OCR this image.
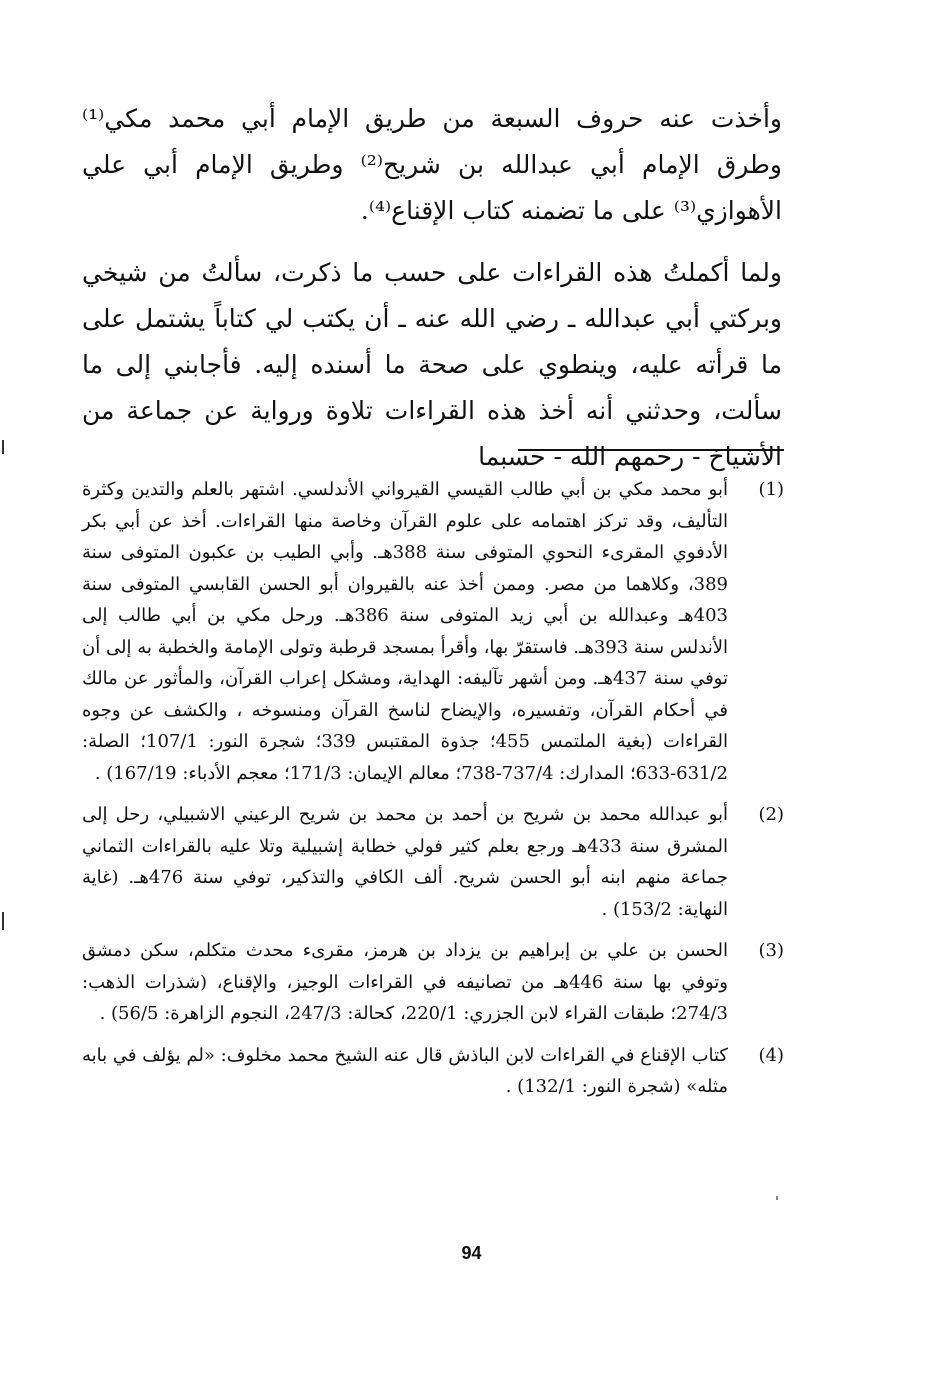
وأخذت عنه حروف السبعة من طريق الإمام أبي محمد مكي⁽¹⁾ وطرق الإمام أبي عبدالله بن شريح⁽²⁾ وطريق الإمام أبي علي الأهوازي⁽³⁾ على ما تضمنه كتاب الإقناع⁽⁴⁾.

ولما أكملتُ هذه القراءات على حسب ما ذكرت، سألتُ من شيخي وبركتي أبي عبدالله ـ رضي الله عنه ـ أن يكتب لي كتاباً يشتمل على ما قرأته عليه، وينطوي على صحة ما أسنده إليه. فأجابني إلى ما سألت، وحدثني أنه أخذ هذه القراءات تلاوة ورواية عن جماعة من الأشياخ - رحمهم الله - حسبما

(1)
أبو محمد مكي بن أبي طالب القيسي القيرواني الأندلسي. اشتهر بالعلم والتدين وكثرة التأليف، وقد تركز اهتمامه على علوم القرآن وخاصة منها القراءات. أخذ عن أبي بكر الأدفوي المقرىء النحوي المتوفى سنة 388هـ. وأبي الطيب بن عكبون المتوفى سنة 389، وكلاهما من مصر. وممن أخذ عنه بالقيروان أبو الحسن القابسي المتوفى سنة 403هـ وعبدالله بن أبي زيد المتوفى سنة 386هـ. ورحل مكي بن أبي طالب إلى الأندلس سنة 393هـ. فاستقرّ بها، وأقرأ بمسجد قرطبة وتولى الإمامة والخطبة به إلى أن توفي سنة 437هـ. ومن أشهر تآليفه: الهداية، ومشكل إعراب القرآن، والمأثور عن مالك في أحكام القرآن، وتفسيره، والإيضاح لناسخ القرآن ومنسوخه ، والكشف عن وجوه القراءات (بغية الملتمس 455؛ جذوة المقتبس 339؛ شجرة النور: 107/1؛ الصلة: 631/2-633؛ المدارك: 737/4-738؛ معالم الإيمان: 171/3؛ معجم الأدباء: 167/19) .
(2)
أبو عبدالله محمد بن شريح بن أحمد بن محمد بن شريح الرعيني الاشبيلي، رحل إلى المشرق سنة 433هـ ورجع بعلم كثير فولي خطابة إشبيلية وتلا عليه بالقراءات الثماني جماعة منهم ابنه أبو الحسن شريح. ألف الكافي والتذكير، توفي سنة 476هـ. (غاية النهاية: 153/2) .
(3)
الحسن بن علي بن إبراهيم بن يزداد بن هرمز، مقرىء محدث متكلم، سكن دمشق وتوفي بها سنة 446هـ من تصانيفه في القراءات الوجيز، والإقناع، (شذرات الذهب: 274/3؛ طبقات القراء لابن الجزري: 220/1، كحالة: 247/3، النجوم الزاهرة: 56/5) .
(4)
كتاب الإقناع في القراءات لابن الباذش قال عنه الشيخ محمد مخلوف: «لم يؤلف في بابه مثله» (شجرة النور: 132/1) .
94
